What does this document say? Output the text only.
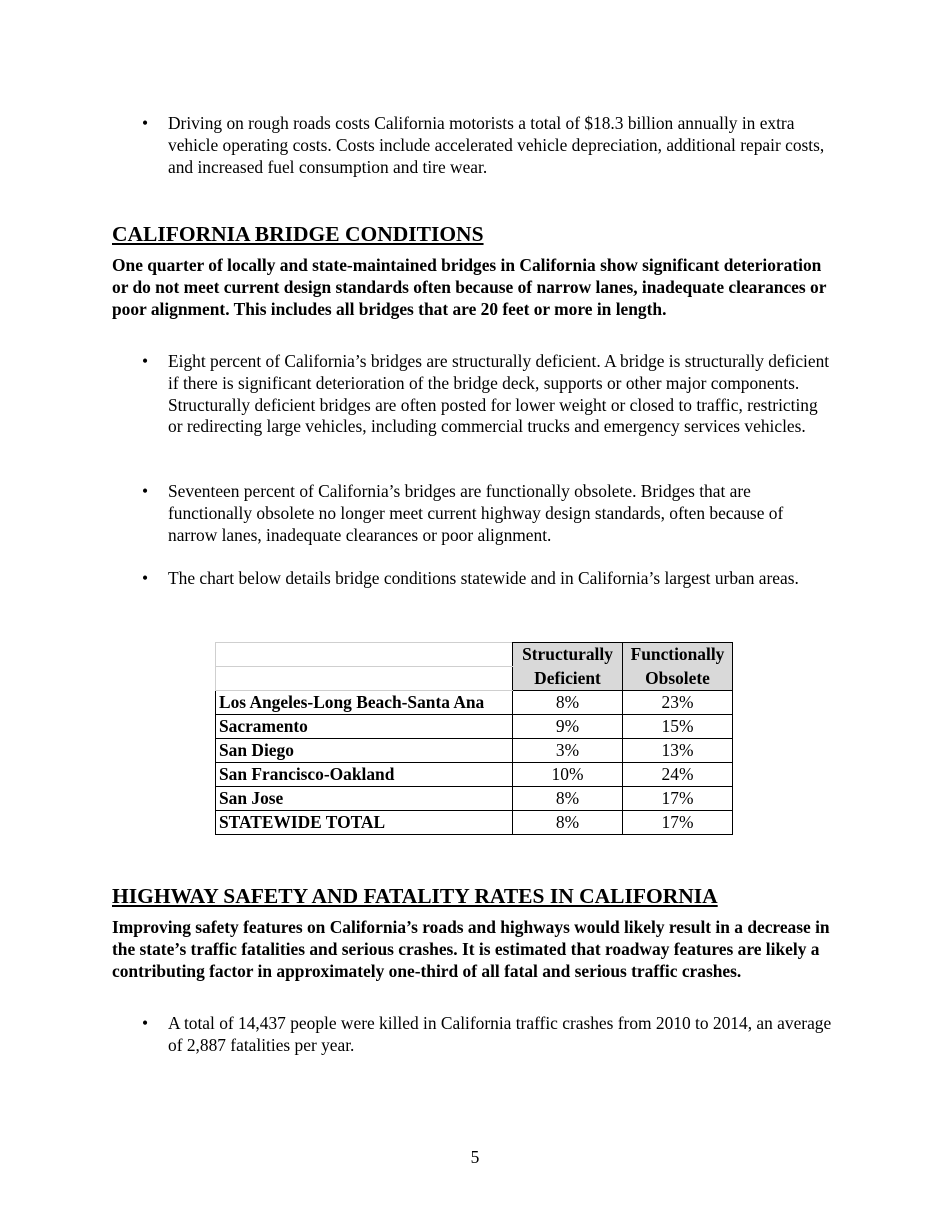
• Driving on rough roads costs California motorists a total of $18.3 billion annually in extra vehicle operating costs. Costs include accelerated vehicle depreciation, additional repair costs, and increased fuel consumption and tire wear.
CALIFORNIA BRIDGE CONDITIONS

One quarter of locally and state-maintained bridges in California show significant deterioration or do not meet current design standards often because of narrow lanes, inadequate clearances or poor alignment. This includes all bridges that are 20 feet or more in length.

• Eight percent of California’s bridges are structurally deficient. A bridge is structurally deficient if there is significant deterioration of the bridge deck, supports or other major components. Structurally deficient bridges are often posted for lower weight or closed to traffic, restricting or redirecting large vehicles, including commercial trucks and emergency services vehicles.
• Seventeen percent of California’s bridges are functionally obsolete. Bridges that are functionally obsolete no longer meet current highway design standards, often because of narrow lanes, inadequate clearances or poor alignment.
• The chart below details bridge conditions statewide and in California’s largest urban areas.
	Structurally	Functionally
	Deficient	Obsolete
Los Angeles-Long Beach-Santa Ana	8%	23%
Sacramento	9%	15%
San Diego	3%	13%
San Francisco-Oakland	10%	24%
San Jose	8%	17%
STATEWIDE TOTAL	8%	17%
HIGHWAY SAFETY AND FATALITY RATES IN CALIFORNIA

Improving safety features on California’s roads and highways would likely result in a decrease in the state’s traffic fatalities and serious crashes. It is estimated that roadway features are likely a contributing factor in approximately one-third of all fatal and serious traffic crashes.

• A total of 14,437 people were killed in California traffic crashes from 2010 to 2014, an average of 2,887 fatalities per year.
5
